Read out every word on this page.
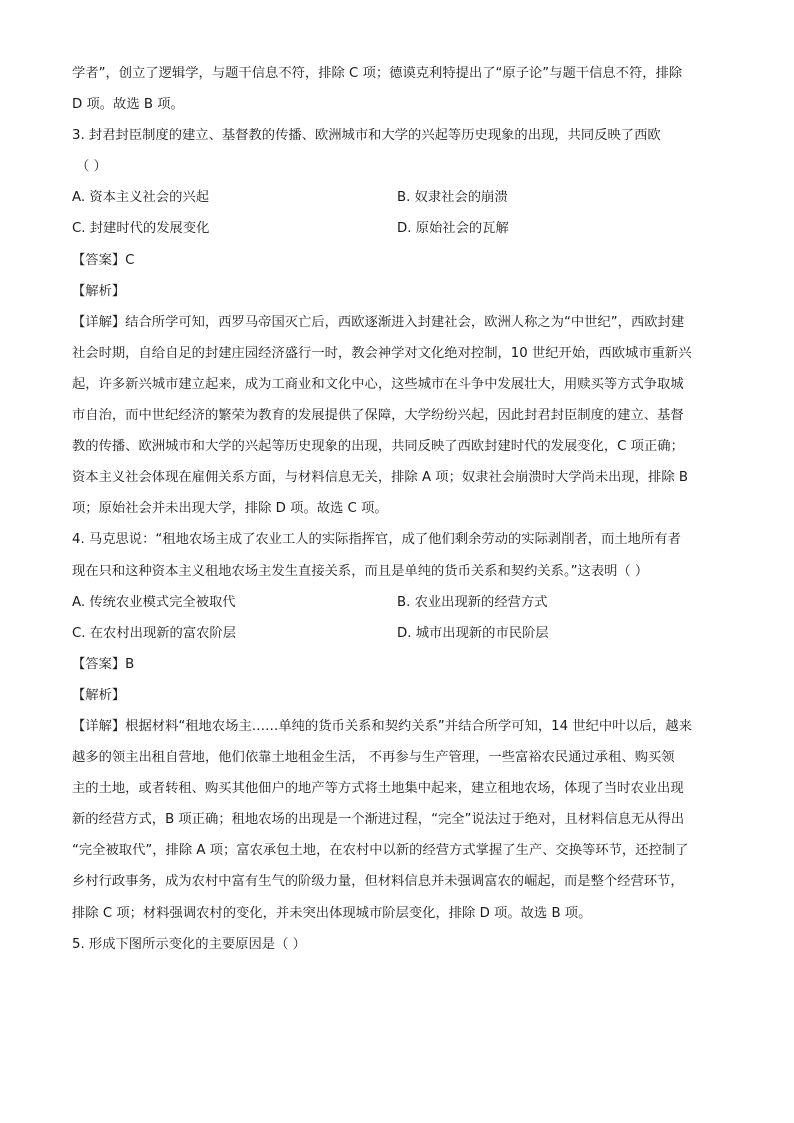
学者”，创立了逻辑学，与题干信息不符，排除 C 项；德谟克利特提出了“原子论”与题干信息不符，排除
D 项。故选 B 项。
3. 封君封臣制度的建立、基督教的传播、欧洲城市和大学的兴起等历史现象的出现，共同反映了西欧
（ ）
A. 资本主义社会的兴起	B. 奴隶社会的崩溃
C. 封建时代的发展变化	D. 原始社会的瓦解
【答案】C
【解析】
【详解】结合所学可知，西罗马帝国灭亡后，西欧逐渐进入封建社会，欧洲人称之为“中世纪”，西欧封建
社会时期，自给自足的封建庄园经济盛行一时，教会神学对文化绝对控制，10 世纪开始，西欧城市重新兴
起，许多新兴城市建立起来，成为工商业和文化中心，这些城市在斗争中发展壮大，用赎买等方式争取城
市自治，而中世纪经济的繁荣为教育的发展提供了保障，大学纷纷兴起，因此封君封臣制度的建立、基督
教的传播、欧洲城市和大学的兴起等历史现象的出现，共同反映了西欧封建时代的发展变化，C 项正确；
资本主义社会体现在雇佣关系方面，与材料信息无关，排除 A 项；奴隶社会崩溃时大学尚未出现，排除 B
项；原始社会并未出现大学，排除 D 项。故选 C 项。
4. 马克思说：“租地农场主成了农业工人的实际指挥官，成了他们剩余劳动的实际剥削者，而土地所有者
现在只和这种资本主义租地农场主发生直接关系，而且是单纯的货币关系和契约关系。”这表明（ ）
A. 传统农业模式完全被取代	B. 农业出现新的经营方式
C. 在农村出现新的富农阶层	D. 城市出现新的市民阶层
【答案】B
【解析】
【详解】根据材料“租地农场主……单纯的货币关系和契约关系”并结合所学可知，14 世纪中叶以后，越来
越多的领主出租自营地，他们依靠土地租金生活， 不再参与生产管理，一些富裕农民通过承租、购买领
主的土地，或者转租、购买其他佃户的地产等方式将土地集中起来，建立租地农场，体现了当时农业出现
新的经营方式，B 项正确；租地农场的出现是一个渐进过程，“完全”说法过于绝对，且材料信息无从得出
“完全被取代”，排除 A 项；富农承包土地，在农村中以新的经营方式掌握了生产、交换等环节，还控制了
乡村行政事务，成为农村中富有生气的阶级力量，但材料信息并未强调富农的崛起，而是整个经营环节，
排除 C 项；材料强调农村的变化，并未突出体现城市阶层变化，排除 D 项。故选 B 项。
5. 形成下图所示变化的主要原因是（ ）
